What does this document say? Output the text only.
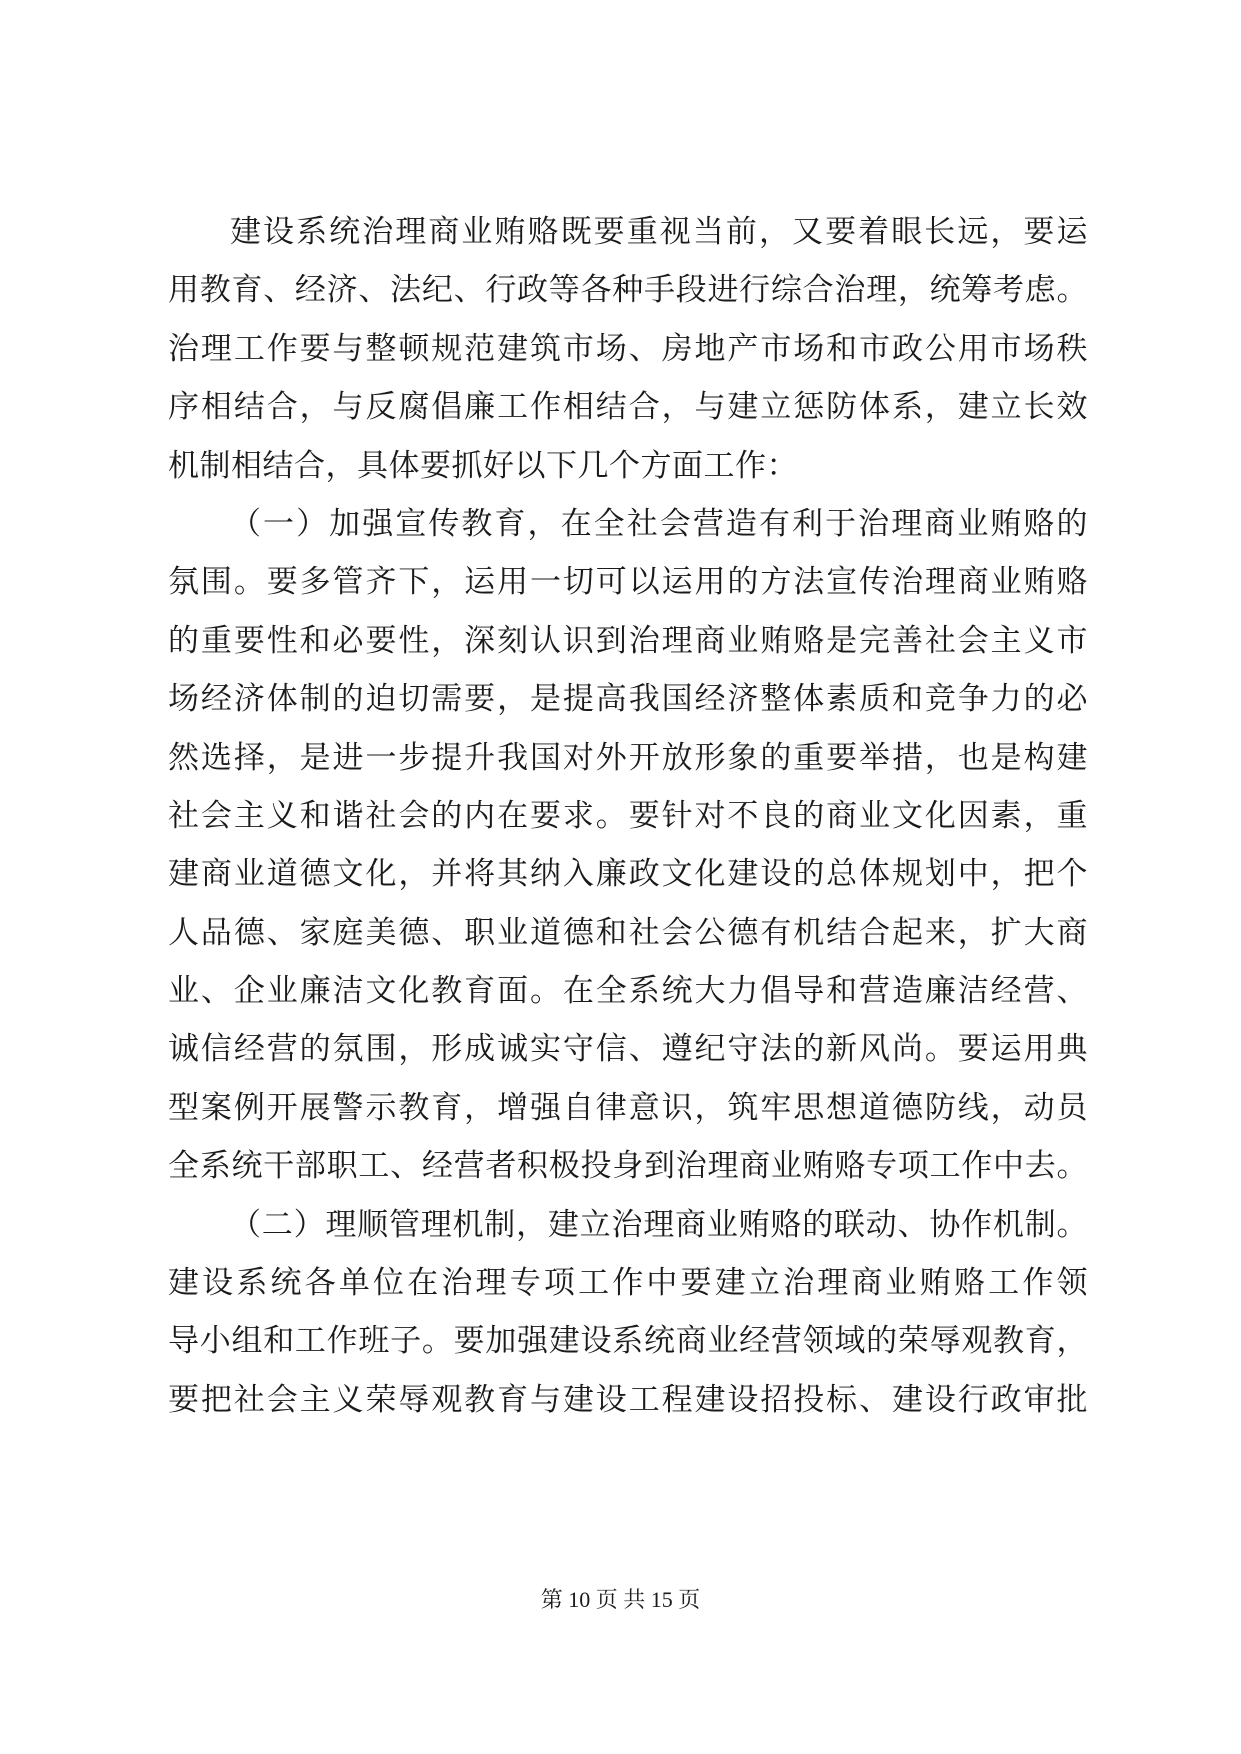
建设系统治理商业贿赂既要重视当前，又要着眼长远，要运
用教育、经济、法纪、行政等各种手段进行综合治理，统筹考虑。
治理工作要与整顿规范建筑市场、房地产市场和市政公用市场秩
序相结合，与反腐倡廉工作相结合，与建立惩防体系，建立长效
机制相结合，具体要抓好以下几个方面工作：
（一）加强宣传教育，在全社会营造有利于治理商业贿赂的
氛围。要多管齐下，运用一切可以运用的方法宣传治理商业贿赂
的重要性和必要性，深刻认识到治理商业贿赂是完善社会主义市
场经济体制的迫切需要，是提高我国经济整体素质和竞争力的必
然选择，是进一步提升我国对外开放形象的重要举措，也是构建
社会主义和谐社会的内在要求。要针对不良的商业文化因素，重
建商业道德文化，并将其纳入廉政文化建设的总体规划中，把个
人品德、家庭美德、职业道德和社会公德有机结合起来，扩大商
业、企业廉洁文化教育面。在全系统大力倡导和营造廉洁经营、
诚信经营的氛围，形成诚实守信、遵纪守法的新风尚。要运用典
型案例开展警示教育，增强自律意识，筑牢思想道德防线，动员
全系统干部职工、经营者积极投身到治理商业贿赂专项工作中去。
（二）理顺管理机制，建立治理商业贿赂的联动、协作机制。
建设系统各单位在治理专项工作中要建立治理商业贿赂工作领
导小组和工作班子。要加强建设系统商业经营领域的荣辱观教育，
要把社会主义荣辱观教育与建设工程建设招投标、建设行政审批
第 10 页 共 15 页
